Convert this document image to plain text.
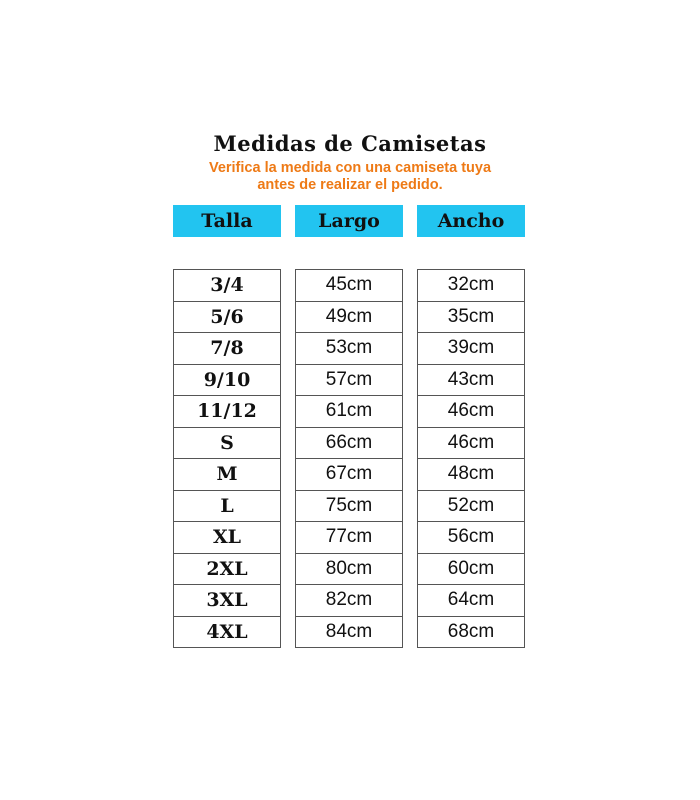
Medidas de Camisetas
Verifica la medida con una camiseta tuya
antes de realizar el pedido.
Talla	Largo	Ancho
3/4
5/6
7/8
9/10
11/12
S
M
L
XL
2XL
3XL
4XL
45cm
49cm
53cm
57cm
61cm
66cm
67cm
75cm
77cm
80cm
82cm
84cm
32cm
35cm
39cm
43cm
46cm
46cm
48cm
52cm
56cm
60cm
64cm
68cm
